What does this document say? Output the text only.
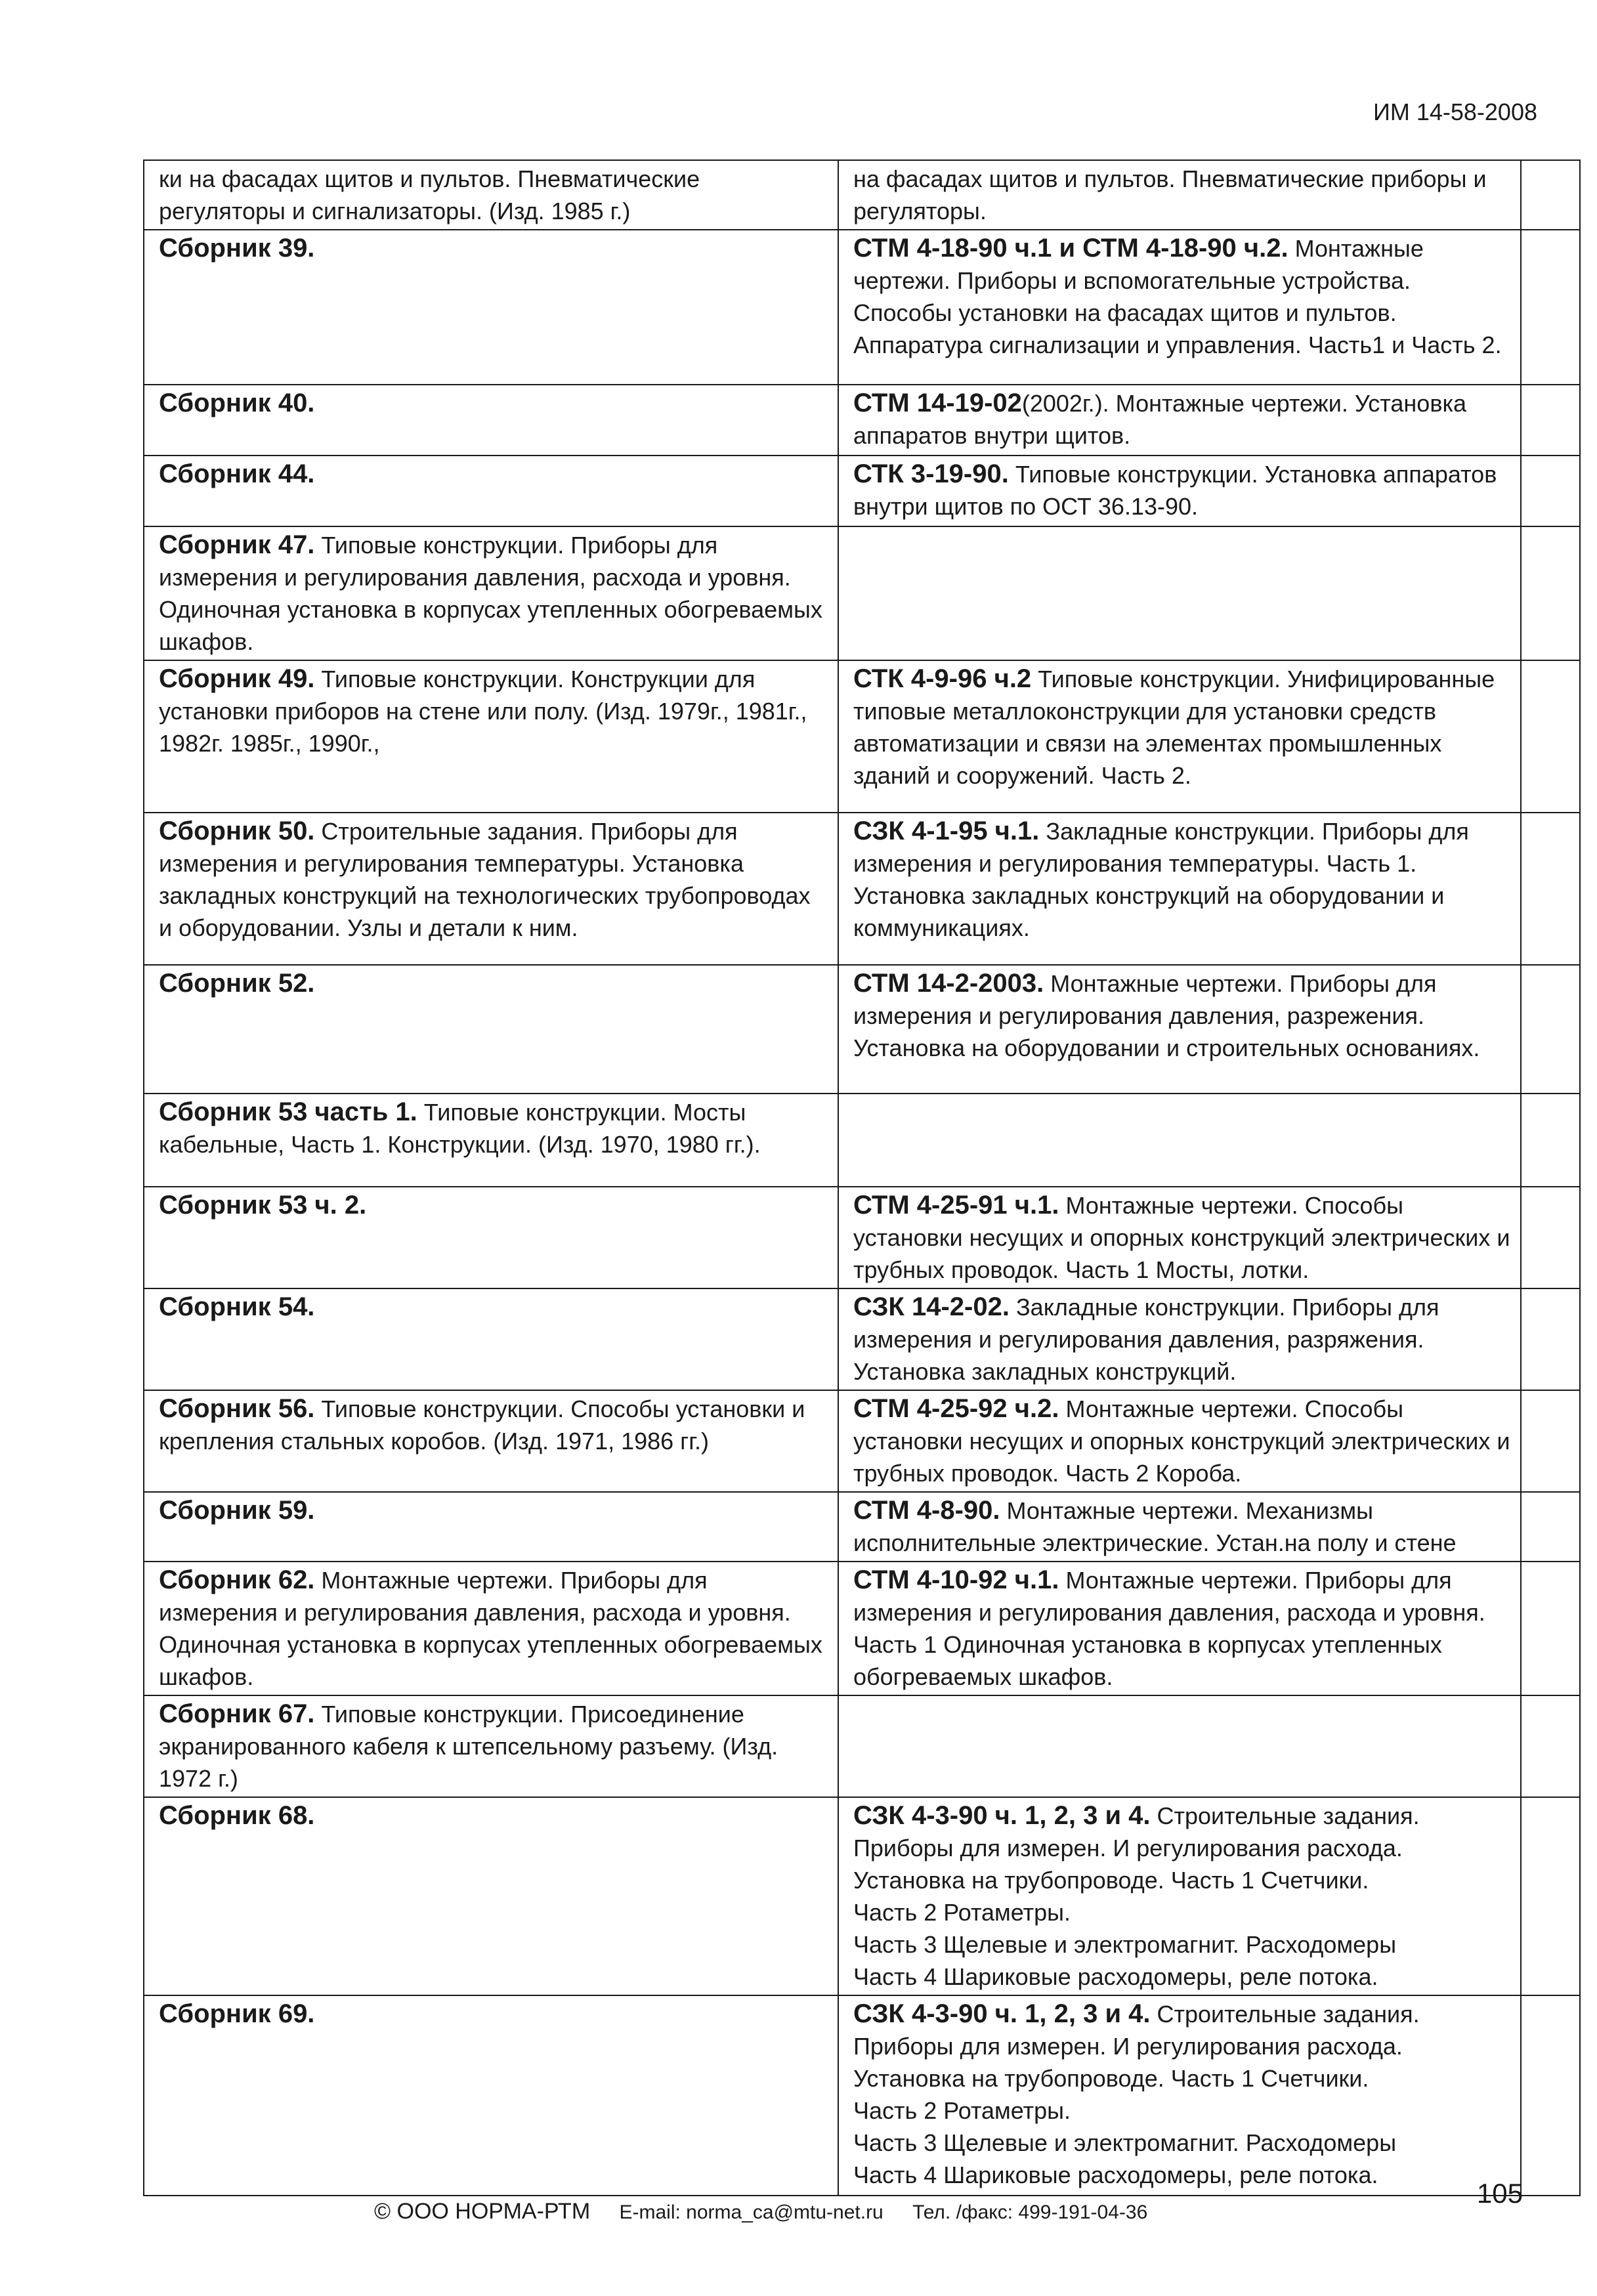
ИМ 14-58-2008
ки на фасадах щитов и пультов. Пневматические регуляторы и сигнализаторы. (Изд. 1985 г.)	на фасадах щитов и пультов. Пневматические приборы и регуляторы.	
Сборник 39.	СТМ 4-18-90 ч.1 и СТМ 4-18-90 ч.2. Монтажные чертежи. Приборы и вспомогательные устройства. Способы установки на фасадах щитов и пультов. Аппаратура сигнализации и управления. Часть1 и Часть 2.	
Сборник 40.	СТМ 14-19-02(2002г.). Монтажные чертежи. Установка аппаратов внутри щитов.	
Сборник 44.	СТК 3-19-90. Типовые конструкции. Установка аппаратов внутри щитов по ОСТ 36.13-90.	
Сборник 47. Типовые конструкции. Приборы для измерения и регулирования давления, расхода и уровня. Одиночная установка в корпусах утепленных обогреваемых шкафов.		
Сборник 49. Типовые конструкции. Конструкции для установки приборов на стене или полу. (Изд. 1979г., 1981г., 1982г. 1985г., 1990г.,	СТК 4-9-96 ч.2 Типовые конструкции. Унифицированные типовые металлоконструкции для установки средств автоматизации и связи на элементах промышленных зданий и сооружений. Часть 2.	
Сборник 50. Строительные задания. Приборы для измерения и регулирования температуры. Установка закладных конструкций на технологических трубопроводах и оборудовании. Узлы и детали к ним.	СЗК 4-1-95 ч.1. Закладные конструкции. Приборы для измерения и регулирования температуры. Часть 1. Установка закладных конструкций на оборудовании и коммуникациях.	
Сборник 52.	СТМ 14-2-2003. Монтажные чертежи. Приборы для измерения и регулирования давления, разрежения. Установка на оборудовании и строительных основаниях.	
Сборник 53 часть 1. Типовые конструкции. Мосты кабельные, Часть 1. Конструкции. (Изд. 1970, 1980 гг.).		
Сборник 53 ч. 2.	СТМ 4-25-91 ч.1. Монтажные чертежи. Способы установки несущих и опорных конструкций электрических и трубных проводок. Часть 1 Мосты, лотки.	
Сборник 54.	СЗК 14-2-02. Закладные конструкции. Приборы для измерения и регулирования давления, разряжения. Установка закладных конструкций.	
Сборник 56. Типовые конструкции. Способы установки и крепления стальных коробов. (Изд. 1971, 1986 гг.)	СТМ 4-25-92 ч.2. Монтажные чертежи. Способы установки несущих и опорных конструкций электрических и трубных проводок. Часть 2 Короба.	
Сборник 59.	СТМ 4-8-90. Монтажные чертежи. Механизмы исполнительные электрические. Устан.на полу и стене	
Сборник 62. Монтажные чертежи. Приборы для измерения и регулирования давления, расхода и уровня. Одиночная установка в корпусах утепленных обогреваемых шкафов.	СТМ 4-10-92 ч.1. Монтажные чертежи. Приборы для измерения и регулирования давления, расхода и уровня. Часть 1 Одиночная установка в корпусах утепленных обогреваемых шкафов.	
Сборник 67. Типовые конструкции. Присоединение экранированного кабеля к штепсельному разъему. (Изд. 1972 г.)		
Сборник 68.	СЗК 4-3-90 ч. 1, 2, 3 и 4. Строительные задания. Приборы для измерен. И регулирования расхода. Установка на трубопроводе. Часть 1 Счетчики.
Часть 2 Ротаметры.
Часть 3 Щелевые и электромагнит. Расходомеры
Часть 4 Шариковые расходомеры, реле потока.	

Сборник 69.	СЗК 4-3-90 ч. 1, 2, 3 и 4. Строительные задания. Приборы для измерен. И регулирования расхода. Установка на трубопроводе. Часть 1 Счетчики.
Часть 2 Ротаметры.
Часть 3 Щелевые и электромагнит. Расходомеры
Часть 4 Шариковые расходомеры, реле потока.	

© ООО НОРМА-РТМ E-mail: norma_ca@mtu-net.ru Тел. /факс: 499-191-04-36
105
